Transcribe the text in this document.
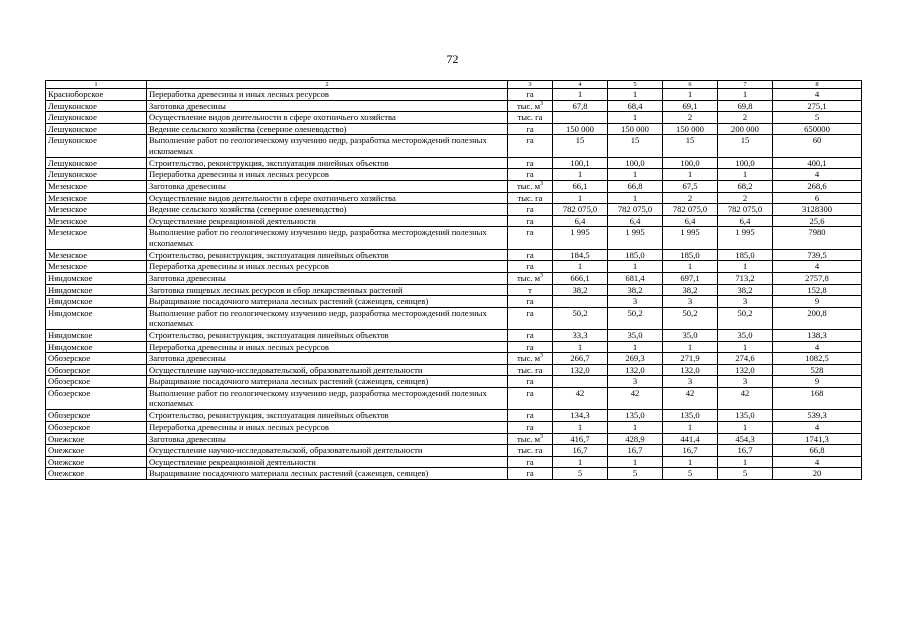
72
1	2	3	4	5	6	7	8
Красноборское	Переработка древесины и иных лесных ресурсов	га	1	1	1	1	4
Лешуконское	Заготовка древесины	тыс. $м^3$	67,8	68,4	69,1	69,8	275,1
Лешуконское	Осуществление видов деятельности в сфере охотничьего хозяйства	тыс. га		1	2	2	5
Лешуконское	Ведение сельского хозяйства (северное оленеводство)	га	150 000	150 000	150 000	200 000	650000
Лешуконское	Выполнение работ по геологическому изучению недр, разработка месторождений полезных ископаемых	га	15	15	15	15	60
Лешуконское	Строительство, реконструкция, эксплуатация линейных объектов	га	100,1	100,0	100,0	100,0	400,1
Лешуконское	Переработка древесины и иных лесных ресурсов	га	1	1	1	1	4
Мезенское	Заготовка древесины	тыс. $м^3$	66,1	66,8	67,5	68,2	268,6
Мезенское	Осуществление видов деятельности в сфере охотничьего хозяйства	тыс. га	1	1	2	2	6
Мезенское	Ведение сельского хозяйства (северное оленеводство)	га	782 075,0	782 075,0	782 075,0	782 075,0	3128300
Мезенское	Осуществление рекреационной деятельности	га	6,4	6,4	6,4	6,4	25,6
Мезенское	Выполнение работ по геологическому изучению недр, разработка месторождений полезных ископаемых	га	1 995	1 995	1 995	1 995	7980
Мезенское	Строительство, реконструкция, эксплуатация линейных объектов	га	184,5	185,0	185,0	185,0	739,5
Мезенское	Переработка древесины и иных лесных ресурсов	га	1	1	1	1	4
Няндомское	Заготовка древесины	тыс. $м^3$	666,1	681,4	697,1	713,2	2757,8
Няндомское	Заготовка пищевых лесных ресурсов и сбор лекарственных растений	т	38,2	38,2	38,2	38,2	152,8
Няндомское	Выращивание посадочного материала лесных растений (саженцев, сеянцев)	га		3	3	3	9
Няндомское	Выполнение работ по геологическому изучению недр, разработка месторождений полезных ископаемых	га	50,2	50,2	50,2	50,2	200,8
Няндомское	Строительство, реконструкция, эксплуатация линейных объектов	га	33,3	35,0	35,0	35,0	138,3
Няндомское	Переработка древесины и иных лесных ресурсов	га	1	1	1	1	4
Обозерское	Заготовка древесины	тыс. $м^3$	266,7	269,3	271,9	274,6	1082,5
Обозерское	Осуществление научно-исследовательской, образовательной деятельности	тыс. га	132,0	132,0	132,0	132,0	528
Обозерское	Выращивание посадочного материала лесных растений (саженцев, сеянцев)	га		3	3	3	9
Обозерское	Выполнение работ по геологическому изучению недр, разработка месторождений полезных ископаемых	га	42	42	42	42	168
Обозерское	Строительство, реконструкция, эксплуатация линейных объектов	га	134,3	135,0	135,0	135,0	539,3
Обозерское	Переработка древесины и иных лесных ресурсов	га	1	1	1	1	4
Онежское	Заготовка древесины	тыс. $м^3$	416,7	428,9	441,4	454,3	1741,3
Онежское	Осуществление научно-исследовательской, образовательной деятельности	тыс. га	16,7	16,7	16,7	16,7	66,8
Онежское	Осуществление рекреационной деятельности	га	1	1	1	1	4
Онежское	Выращивание посадочного материала лесных растений (саженцев, сеянцев)	га	5	5	5	5	20
